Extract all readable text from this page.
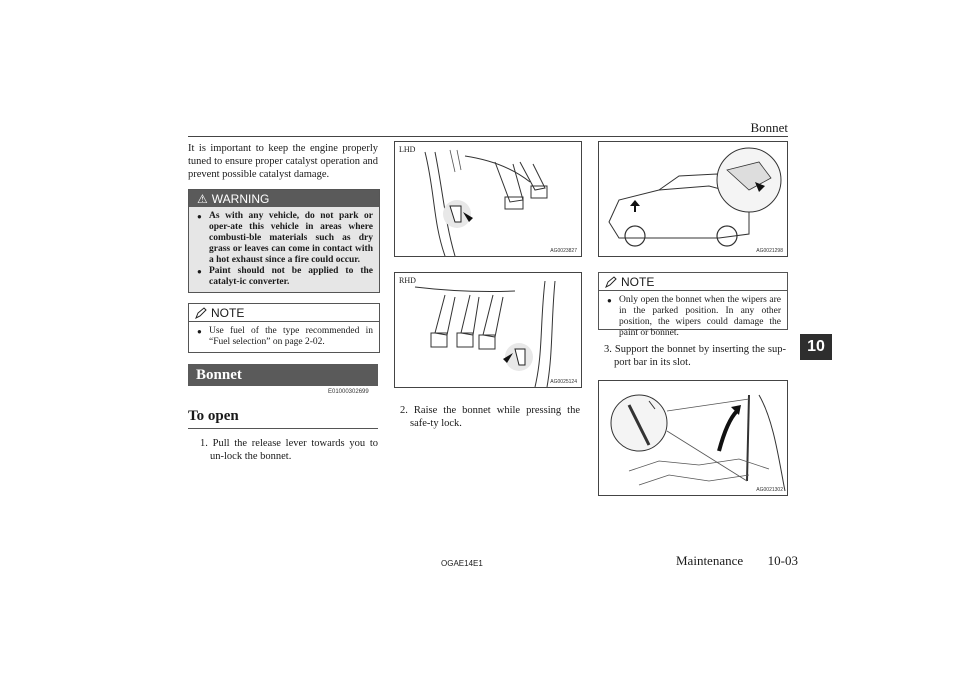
Bonnet
10
It is important to keep the engine properly tuned to ensure proper catalyst operation and prevent possible catalyst damage.
⚠ WARNING
● As with any vehicle, do not park or oper-ate this vehicle in areas where combusti-ble materials such as dry grass or leaves can come in contact with a hot exhaust since a fire could occur.
● Paint should not be applied to the catalyt-ic converter.
NOTE
● Use fuel of the type recommended in “Fuel selection” on page 2-02.
Bonnet
E01000302699
To open
1. Pull the release lever towards you to un-lock the bonnet.
LHD
AG0023827
RHD
AG0025124
2. Raise the bonnet while pressing the safe-ty lock.
AG0021298
NOTE
● Only open the bonnet when the wipers are in the parked position. In any other position, the wipers could damage the paint or bonnet.
3. Support the bonnet by inserting the sup-port bar in its slot.
AG0021302
OGAE14E1	Maintenance 10-03
